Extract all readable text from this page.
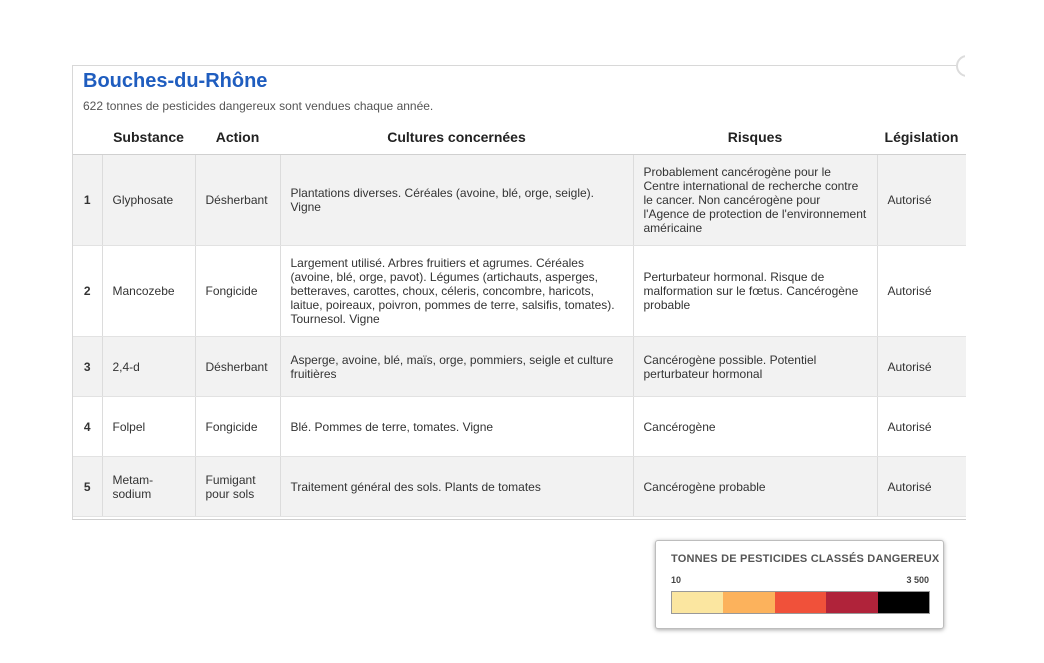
Bouches-du-Rhône
622 tonnes de pesticides dangereux sont vendues chaque année.
	Substance	Action	Cultures concernées	Risques	Législation
1	Glyphosate	Désherbant	Plantations diverses. Céréales (avoine, blé, orge, seigle). Vigne	Probablement cancérogène pour le Centre international de recherche contre le cancer. Non cancérogène pour l'Agence de protection de l'environnement américaine	Autorisé
2	Mancozebe	Fongicide	Largement utilisé. Arbres fruitiers et agrumes. Céréales (avoine, blé, orge, pavot). Légumes (artichauts, asperges, betteraves, carottes, choux, céleris, concombre, haricots, laitue, poireaux, poivron, pommes de terre, salsifis, tomates). Tournesol. Vigne	Perturbateur hormonal. Risque de malformation sur le fœtus. Cancérogène probable	Autorisé
3	2,4-d	Désherbant	Asperge, avoine, blé, maïs, orge, pommiers, seigle et culture fruitières	Cancérogène possible. Potentiel perturbateur hormonal	Autorisé
4	Folpel	Fongicide	Blé. Pommes de terre, tomates. Vigne	Cancérogène	Autorisé
5	Metam-sodium	Fumigant pour sols	Traitement général des sols. Plants de tomates	Cancérogène probable	Autorisé
TONNES DE PESTICIDES CLASSÉS DANGEREUX
10	3 500
